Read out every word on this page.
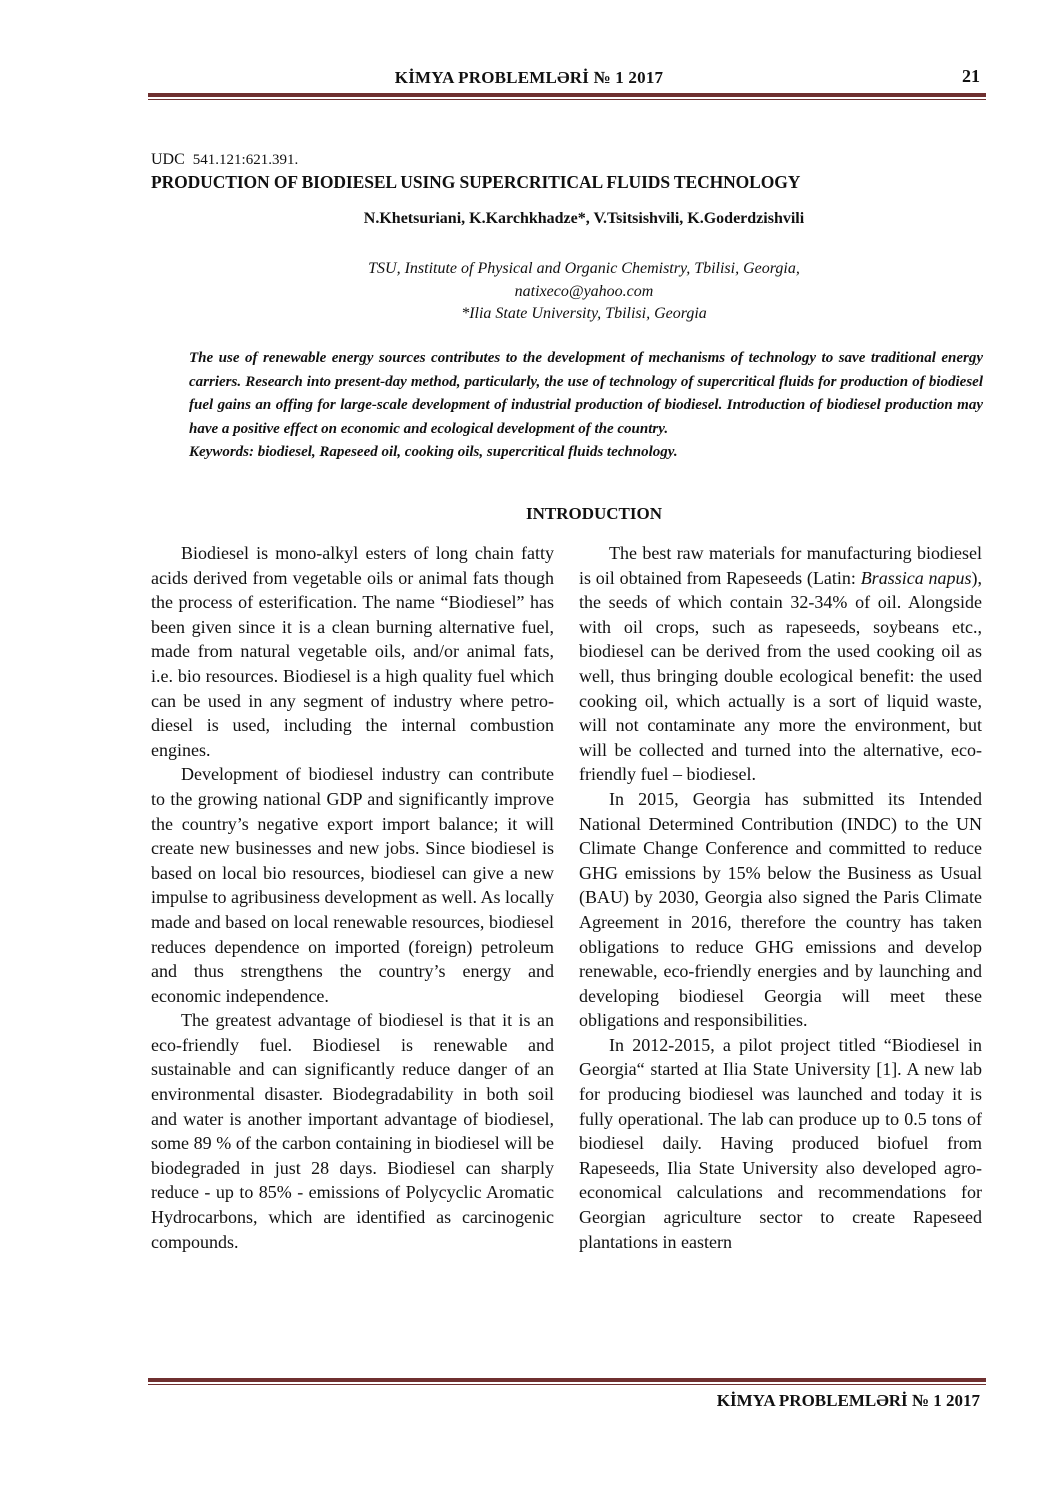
KİMYA PROBLEMLƏRİ № 1 2017	21
UDC 541.121:621.391.
PRODUCTION OF BIODIESEL USING SUPERCRITICAL FLUIDS TECHNOLOGY
N.Khetsuriani, K.Karchkhadze*, V.Tsitsishvili, K.Goderdzishvili
TSU, Institute of Physical and Organic Chemistry, Tbilisi, Georgia,
natixeco@yahoo.com
*Ilia State University, Tbilisi, Georgia

The use of renewable energy sources contributes to the development of mechanisms of technology to save traditional energy carriers. Research into present-day method, particularly, the use of technology of supercritical fluids for production of biodiesel fuel gains an offing for large-scale development of industrial production of biodiesel. Introduction of biodiesel production may have a positive effect on economic and ecological development of the country.

Keywords: biodiesel, Rapeseed oil, cooking oils, supercritical fluids technology.

INTRODUCTION

Biodiesel is mono-alkyl esters of long chain fatty acids derived from vegetable oils or animal fats though the process of esterification. The name “Biodiesel” has been given since it is a clean burning alternative fuel, made from natural vegetable oils, and/or animal fats, i.e. bio resources. Biodiesel is a high quality fuel which can be used in any segment of industry where petro-diesel is used, including the internal combustion engines.

Development of biodiesel industry can contribute to the growing national GDP and significantly improve the country’s negative export import balance; it will create new businesses and new jobs. Since biodiesel is based on local bio resources, biodiesel can give a new impulse to agribusiness development as well. As locally made and based on local renewable resources, biodiesel reduces dependence on imported (foreign) petroleum and thus strengthens the country’s energy and economic independence.

The greatest advantage of biodiesel is that it is an eco-friendly fuel. Biodiesel is renewable and sustainable and can significantly reduce danger of an environmental disaster. Biodegradability in both soil and water is another important advantage of biodiesel, some 89 % of the carbon containing in biodiesel will be biodegraded in just 28 days. Biodiesel can sharply reduce - up to 85% - emissions of Polycyclic Aromatic Hydrocarbons, which are identified as carcinogenic compounds.

The best raw materials for manufacturing biodiesel is oil obtained from Rapeseeds (Latin: Brassica napus), the seeds of which contain 32-34% of oil. Alongside with oil crops, such as rapeseeds, soybeans etc., biodiesel can be derived from the used cooking oil as well, thus bringing double ecological benefit: the used cooking oil, which actually is a sort of liquid waste, will not contaminate any more the environment, but will be collected and turned into the alternative, eco-friendly fuel – biodiesel.

In 2015, Georgia has submitted its Intended National Determined Contribution (INDC) to the UN Climate Change Conference and committed to reduce GHG emissions by 15% below the Business as Usual (BAU) by 2030, Georgia also signed the Paris Climate Agreement in 2016, therefore the country has taken obligations to reduce GHG emissions and develop renewable, eco-friendly energies and by launching and developing biodiesel Georgia will meet these obligations and responsibilities.

In 2012-2015, a pilot project titled “Biodiesel in Georgia“ started at Ilia State University [1]. A new lab for producing biodiesel was launched and today it is fully operational. The lab can produce up to 0.5 tons of biodiesel daily. Having produced biofuel from Rapeseeds, Ilia State University also developed agro-economical calculations and recommendations for Georgian agriculture sector to create Rapeseed plantations in eastern

KİMYA PROBLEMLƏRİ № 1 2017
